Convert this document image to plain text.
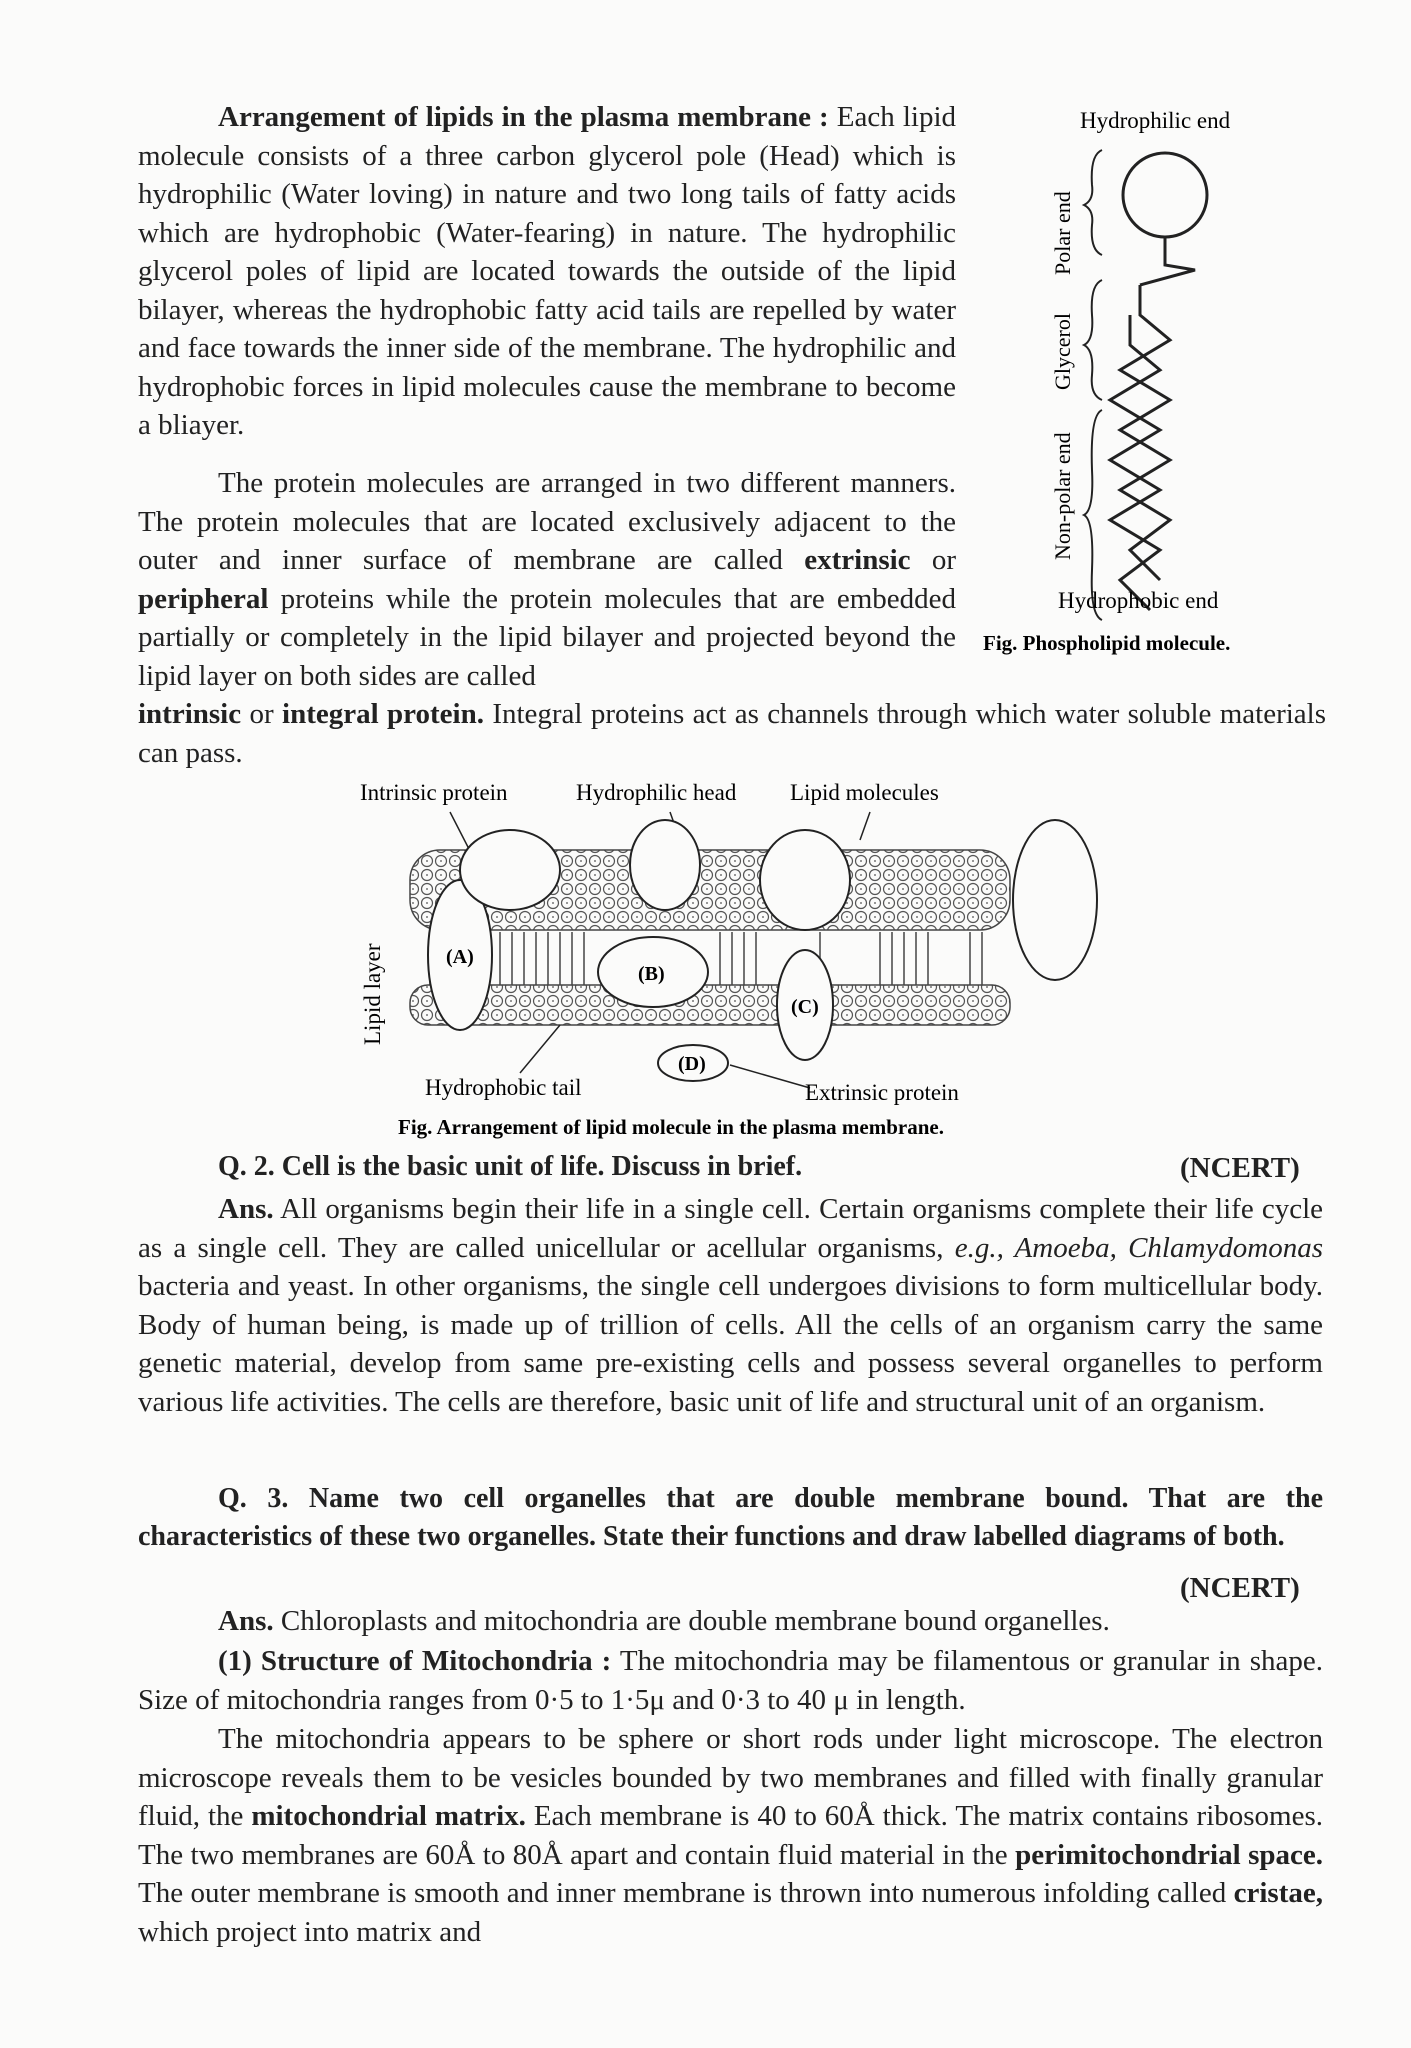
Arrangement of lipids in the plasma membrane : Each lipid molecule consists of a three carbon glycerol pole (Head) which is hydrophilic (Water loving) in nature and two long tails of fatty acids which are hydrophobic (Water-fearing) in nature. The hydrophilic glycerol poles of lipid are located towards the outside of the lipid bilayer, whereas the hydrophobic fatty acid tails are repelled by water and face towards the inner side of the membrane. The hydrophilic and hydrophobic forces in lipid molecules cause the membrane to become a bliayer.
The protein molecules are arranged in two different manners. The protein molecules that are located exclusively adjacent to the outer and inner surface of membrane are called extrinsic or peripheral proteins while the protein molecules that are embedded partially or completely in the lipid bilayer and projected beyond the lipid layer on both sides are called
intrinsic or integral protein. Integral proteins act as channels through which water soluble materials can pass.
Hydrophilic end
Polar end
Glycerol
Non-polar end
Hydrophobic end
Fig. Phospholipid molecule.
Intrinsic protein	Hydrophilic head Lipid molecules
(A)
(B)
(C)
(D)
Lipid layer
Hydrophobic tail	Extrinsic protein
Fig. Arrangement of lipid molecule in the plasma membrane.
Q. 2. Cell is the basic unit of life. Discuss in brief.	(NCERT)
Ans. All organisms begin their life in a single cell. Certain organisms complete their life cycle as a single cell. They are called unicellular or acellular organisms, e.g., Amoeba, Chlamydomonas bacteria and yeast. In other organisms, the single cell undergoes divisions to form multicellular body. Body of human being, is made up of trillion of cells. All the cells of an organism carry the same genetic material, develop from same pre-existing cells and possess several organelles to perform various life activities. The cells are therefore, basic unit of life and structural unit of an organism.
Q. 3. Name two cell organelles that are double membrane bound. That are the characteristics of these two organelles. State their functions and draw labelled diagrams of both.
(NCERT)
Ans. Chloroplasts and mitochondria are double membrane bound organelles.
(1) Structure of Mitochondria : The mitochondria may be filamentous or granular in shape. Size of mitochondria ranges from 0·5 to 1·5μ and 0·3 to 40 μ in length.
The mitochondria appears to be sphere or short rods under light microscope. The electron microscope reveals them to be vesicles bounded by two membranes and filled with finally granular fluid, the mitochondrial matrix. Each membrane is 40 to 60Å thick. The matrix contains ribosomes. The two membranes are 60Å to 80Å apart and contain fluid material in the perimitochondrial space. The outer membrane is smooth and inner membrane is thrown into numerous infolding called cristae, which project into matrix and
